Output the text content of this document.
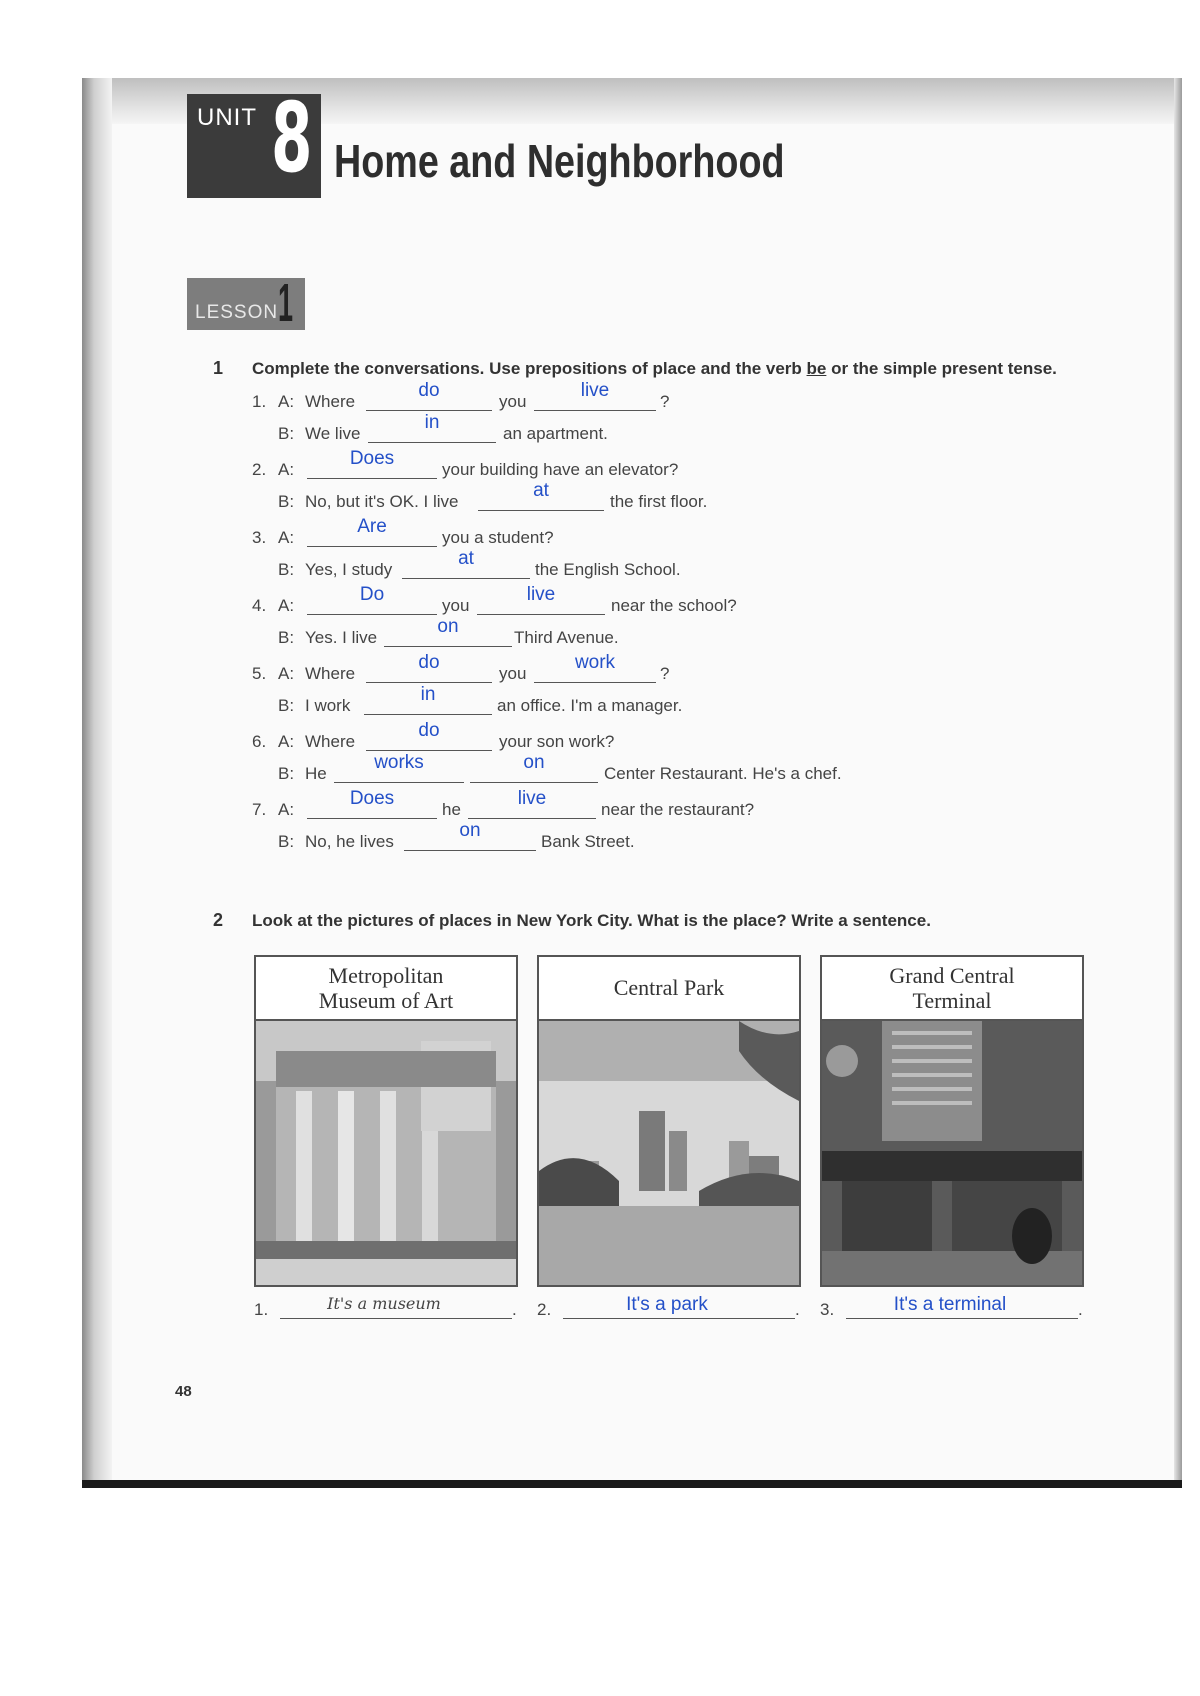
UNIT 8 Home and Neighborhood
LESSON 1
1 Complete the conversations. Use prepositions of place and the verb be or the simple present tense.
1. A: Where	you	?
do	live
B: We live	an apartment.
in
2. A:	your building have an elevator?
Does
B: No, but it's OK. I live	the first floor.
at
3. A:	you a student?
Are
B: Yes, I study	the English School.
at
4. A:	you	near the school?
Do	live
B: Yes. I live	Third Avenue.
on
5. A: Where	you	?
do	work
B: I work	an office. I'm a manager.
in
6. A: Where	your son work?
do
B: He	Center Restaurant. He's a chef.
works	on
7. A:	he	near the restaurant?
Does	live
B: No, he lives	Bank Street.
on
2 Look at the pictures of places in New York City. What is the place? Write a sentence.
Metropolitan
Museum of Art
Central Park
Grand Central
Terminal
1.	It's a museum	. 2.	It's a park	. 3.	It's a terminal	.
48
